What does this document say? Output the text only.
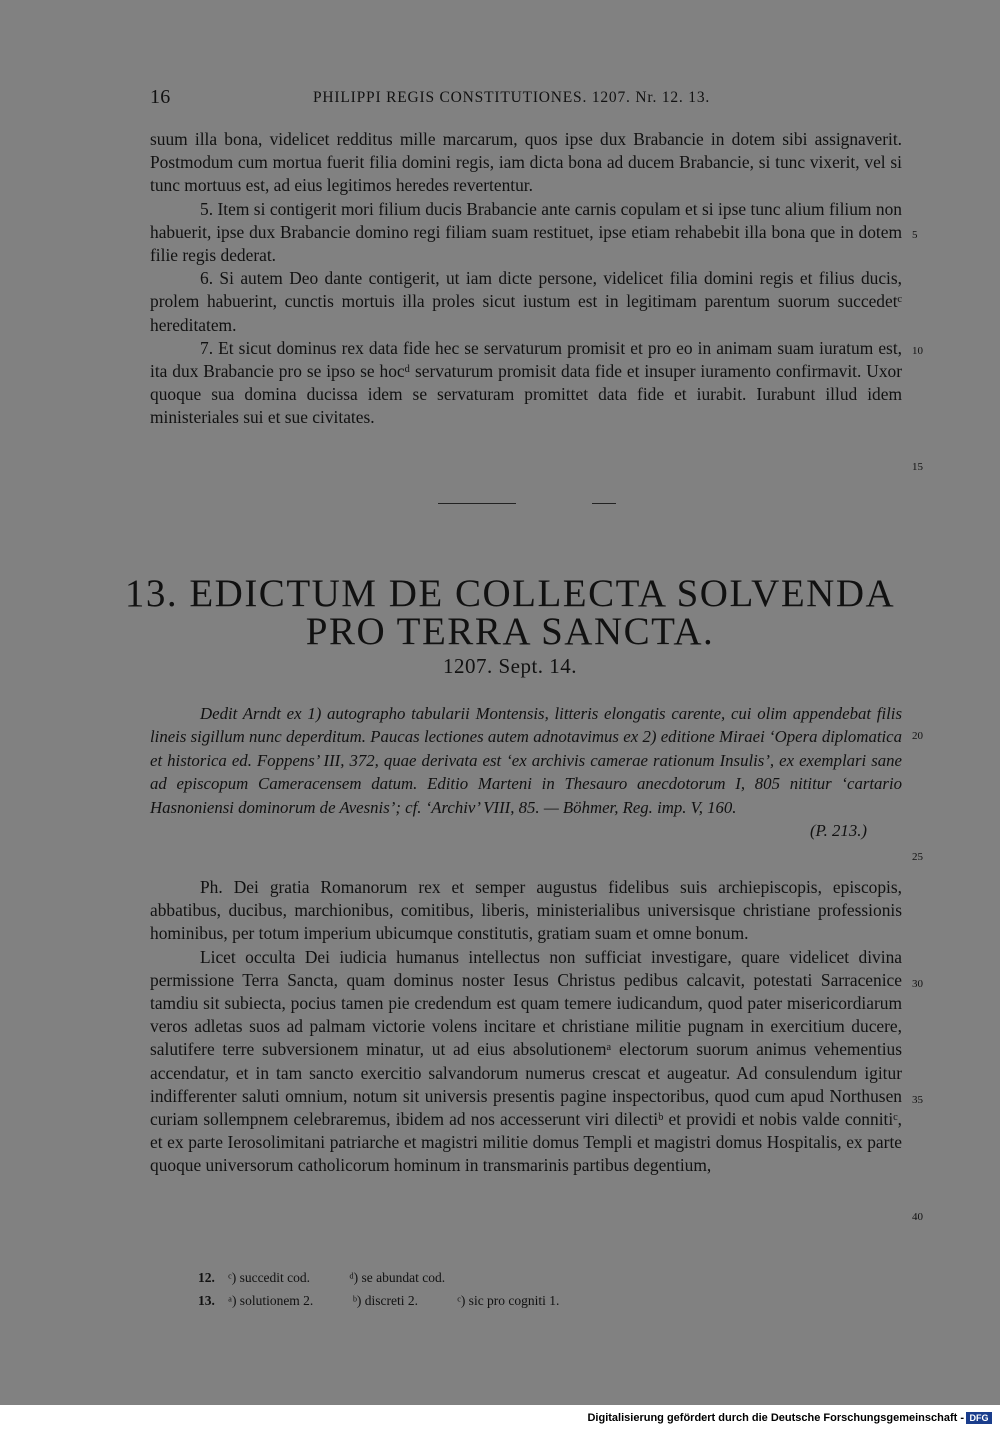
16	PHILIPPI REGIS CONSTITUTIONES. 1207. Nr. 12. 13.

suum illa bona, videlicet redditus mille marcarum, quos ipse dux Brabancie in dotem sibi assignaverit. Postmodum cum mortua fuerit filia domini regis, iam dicta bona ad ducem Brabancie, si tunc vixerit, vel si tunc mortuus est, ad eius legitimos heredes revertentur.

5. Item si contigerit mori filium ducis Brabancie ante carnis copulam et si ipse tunc alium filium non habuerit, ipse dux Brabancie domino regi filiam suam restituet, ipse etiam rehabebit illa bona que in dotem filie regis dederat.

6. Si autem Deo dante contigerit, ut iam dicte persone, videlicet filia domini regis et filius ducis, prolem habuerint, cunctis mortuis illa proles sicut iustum est in legitimam parentum suorum succedetᶜ hereditatem.

7. Et sicut dominus rex data fide hec se servaturum promisit et pro eo in animam suam iuratum est, ita dux Brabancie pro se ipso se hocᵈ servaturum promisit data fide et insuper iuramento confirmavit. Uxor quoque sua domina ducissa idem se servaturam promittet data fide et iurabit. Iurabunt illud idem ministeriales sui et sue civitates.

5
10
15
13. EDICTUM DE COLLECTA SOLVENDA
PRO TERRA SANCTA.
1207. Sept. 14.

Dedit Arndt ex 1) autographo tabularii Montensis, litteris elongatis carente, cui olim appendebat filis lineis sigillum nunc deperditum. Paucas lectiones autem adnotavimus ex 2) editione Miraei ‘Opera diplomatica et historica ed. Foppens’ III, 372, quae derivata est ‘ex archivis camerae rationum Insulis’, ex exemplari sane ad episcopum Cameracensem datum. Editio Marteni in Thesauro anecdotorum I, 805 nititur ‘cartario Hasnoniensi dominorum de Avesnis’; cf. ‘Archiv’ VIII, 85. — Böhmer, Reg. imp. V, 160.
(P. 213.)

20
25

Ph. Dei gratia Romanorum rex et semper augustus fidelibus suis archiepiscopis, episcopis, abbatibus, ducibus, marchionibus, comitibus, liberis, ministerialibus universisque christiane professionis hominibus, per totum imperium ubicumque constitutis, gratiam suam et omne bonum.

Licet occulta Dei iudicia humanus intellectus non sufficiat investigare, quare videlicet divina permissione Terra Sancta, quam dominus noster Iesus Christus pedibus calcavit, potestati Sarracenice tamdiu sit subiecta, pocius tamen pie credendum est quam temere iudicandum, quod pater misericordiarum veros adletas suos ad palmam victorie volens incitare et christiane militie pugnam in exercitium ducere, salutifere terre subversionem minatur, ut ad eius absolutionemᵃ electorum suorum animus vehementius accendatur, et in tam sancto exercitio salvandorum numerus crescat et augeatur. Ad consulendum igitur indifferenter saluti omnium, notum sit universis presentis pagine inspectoribus, quod cum apud Northusen curiam sollempnem celebraremus, ibidem ad nos accesserunt viri dilectiᵇ et providi et nobis valde connitiᶜ, et ex parte Ierosolimitani patriarche et magistri militie domus Templi et magistri domus Hospitalis, ex parte quoque universorum catholicorum hominum in transmarinis partibus degentium,

30
35
40
12. ᶜ) succedit cod.	ᵈ) se abundat cod.
13. ᵃ) solutionem 2.	ᵇ) discreti 2.	ᶜ) sic pro cogniti 1.
Digitalisierung gefördert durch die Deutsche Forschungsgemeinschaft - DFG
